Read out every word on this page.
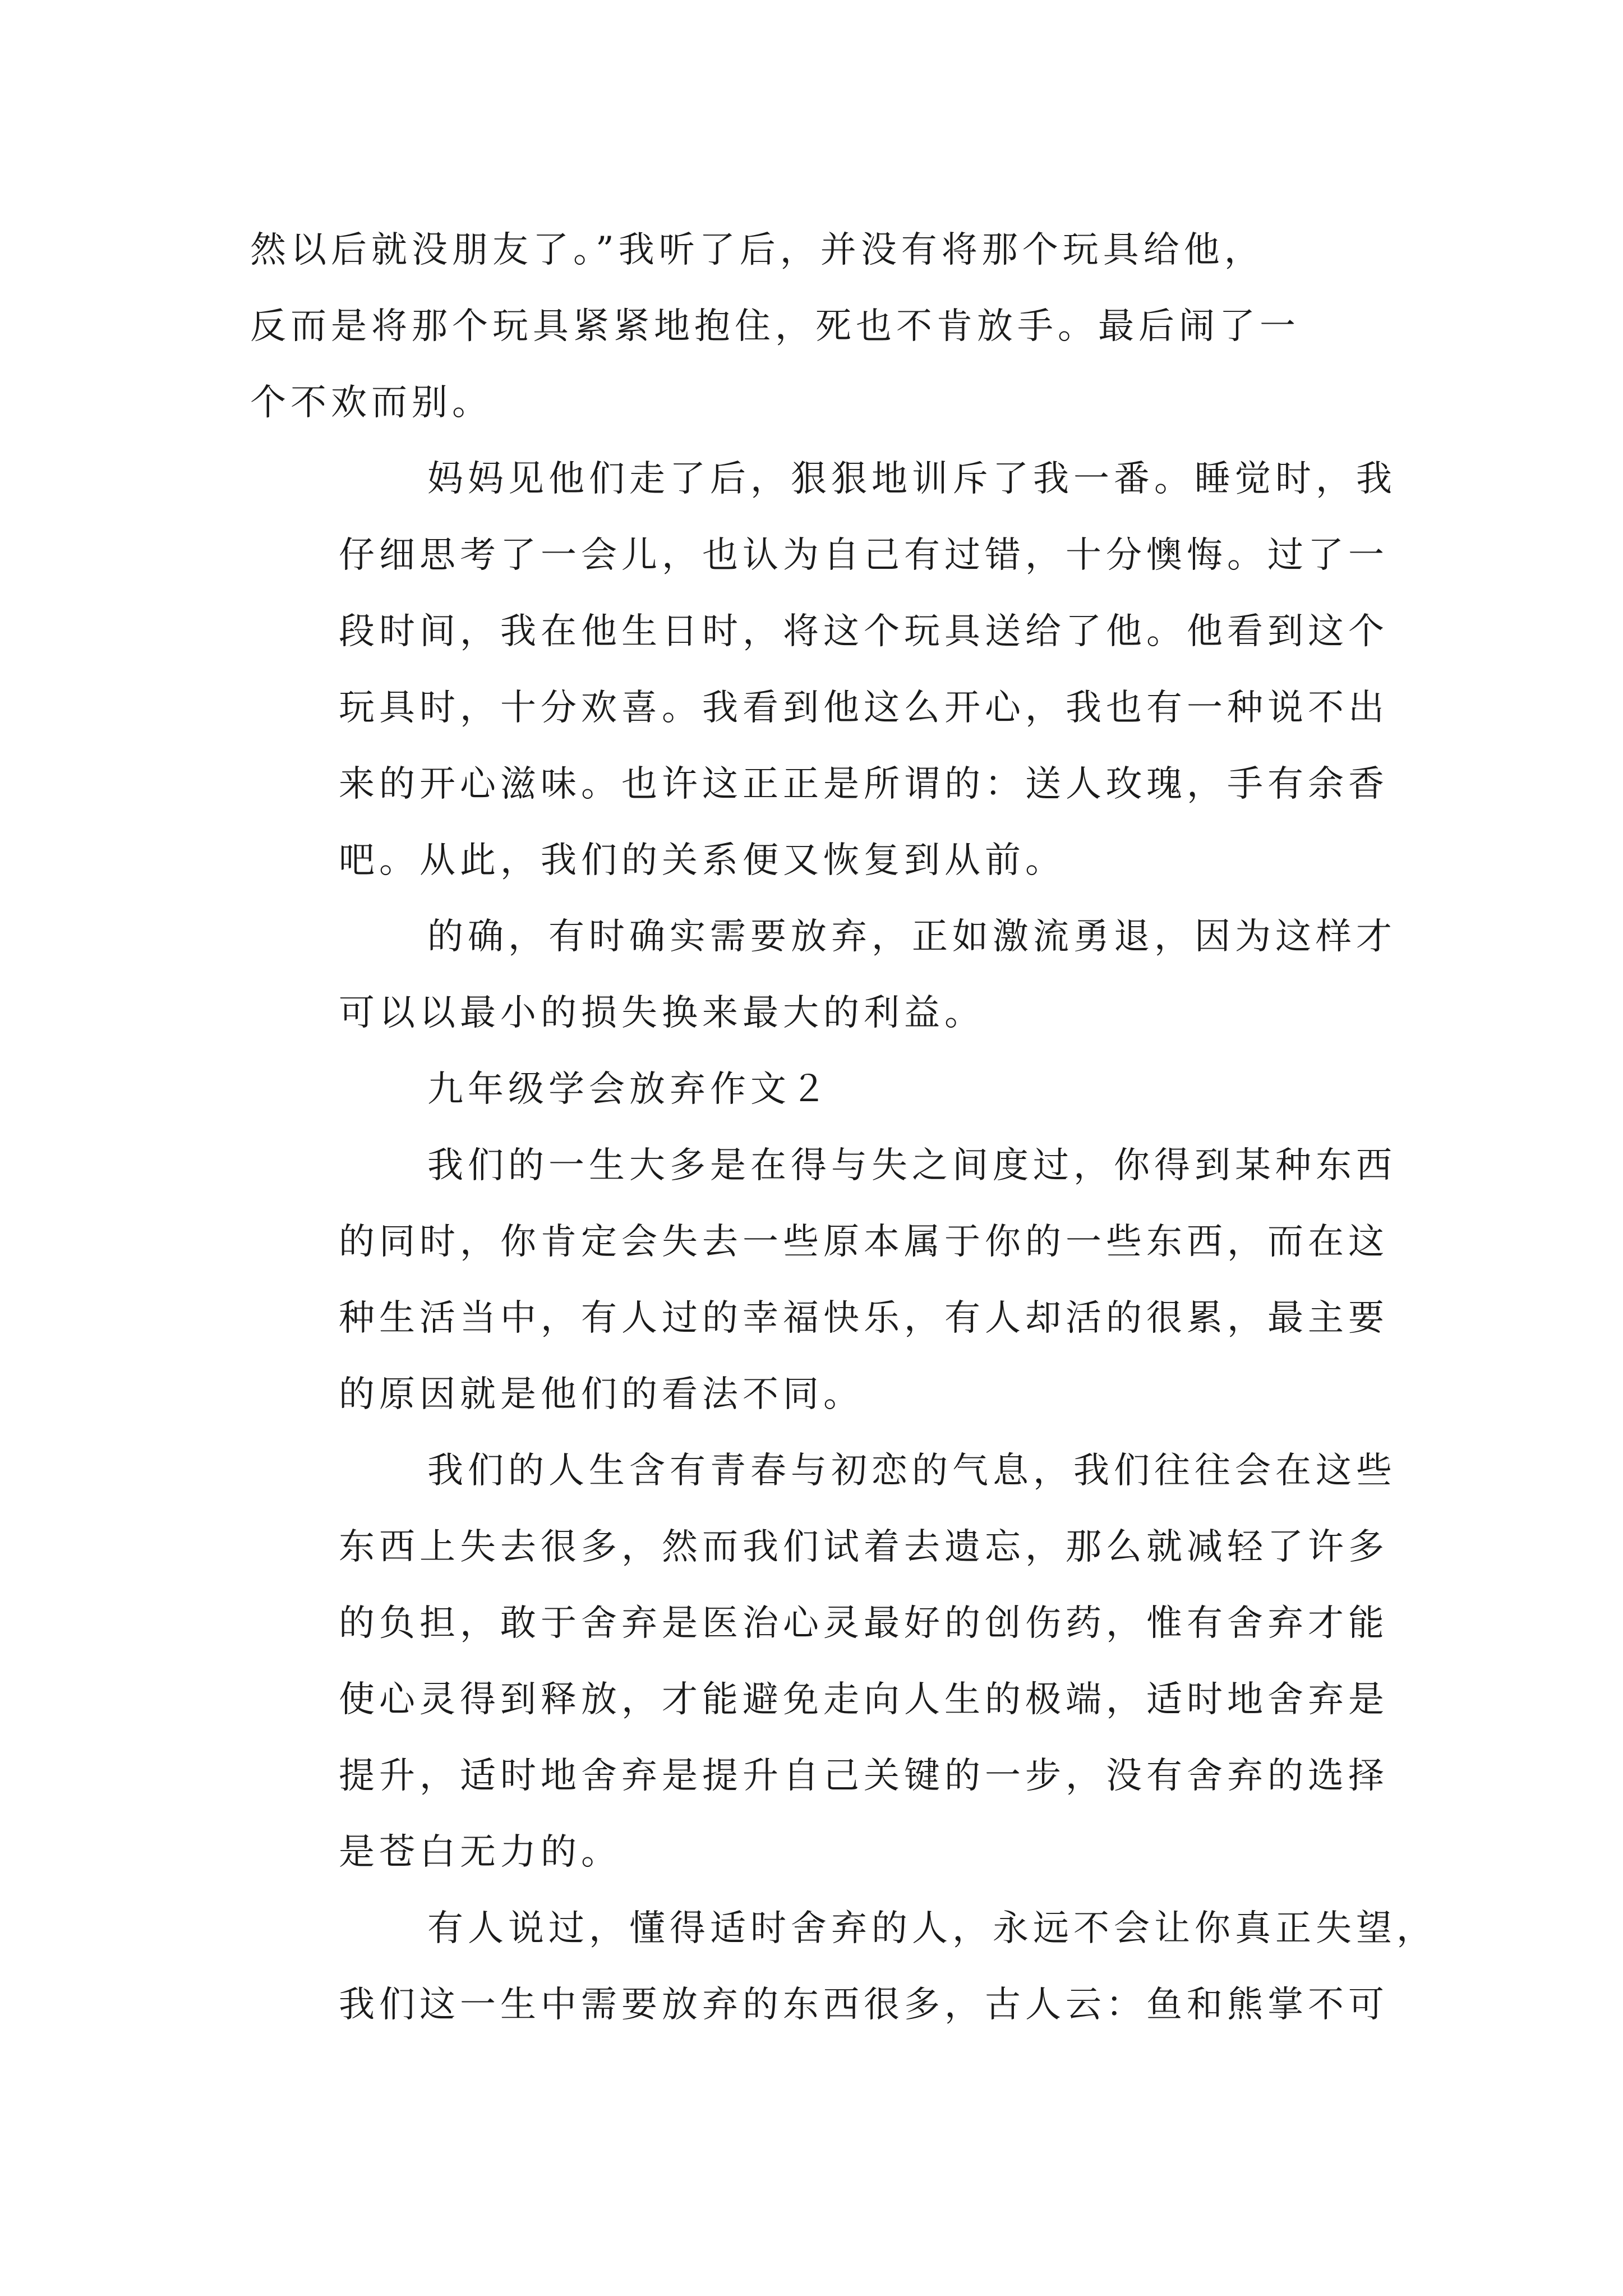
然以后就没朋友了。”我听了后，并没有将那个玩具给他，
反而是将那个玩具紧紧地抱住，死也不肯放手。最后闹了一
个不欢而别。

妈妈见他们走了后，狠狠地训斥了我一番。睡觉时，我
仔细思考了一会儿，也认为自己有过错，十分懊悔。过了一
段时间，我在他生日时，将这个玩具送给了他。他看到这个
玩具时，十分欢喜。我看到他这么开心，我也有一种说不出
来的开心滋味。也许这正正是所谓的：送人玫瑰，手有余香
吧。从此，我们的关系便又恢复到从前。

的确，有时确实需要放弃，正如激流勇退，因为这样才
可以以最小的损失换来最大的利益。

九年级学会放弃作文２

我们的一生大多是在得与失之间度过，你得到某种东西
的同时，你肯定会失去一些原本属于你的一些东西，而在这
种生活当中，有人过的幸福快乐，有人却活的很累，最主要
的原因就是他们的看法不同。

我们的人生含有青春与初恋的气息，我们往往会在这些
东西上失去很多，然而我们试着去遗忘，那么就减轻了许多
的负担，敢于舍弃是医治心灵最好的创伤药，惟有舍弃才能
使心灵得到释放，才能避免走向人生的极端，适时地舍弃是
提升，适时地舍弃是提升自己关键的一步，没有舍弃的选择
是苍白无力的。

有人说过，懂得适时舍弃的人，永远不会让你真正失望，
我们这一生中需要放弃的东西很多，古人云：鱼和熊掌不可
